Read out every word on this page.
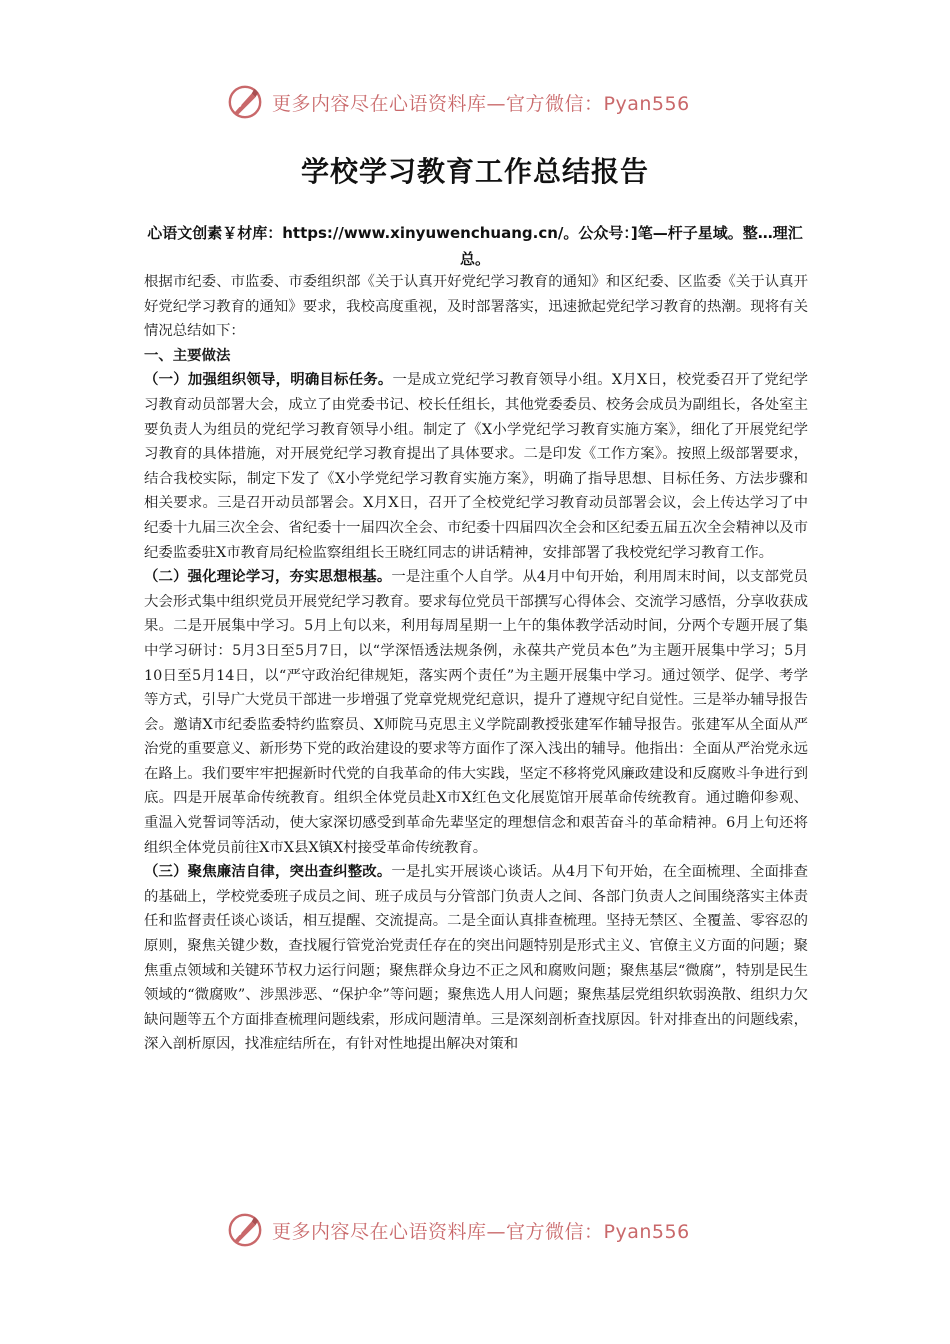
更多内容尽在心语资料库—官方微信：Pyan556
学校学习教育工作总结报告
心语文创素￥材库：https://www.xinyuwenchuang.cn/。公众号：]笔—杆子星域。整…理汇总。

根据市纪委、市监委、市委组织部《关于认真开好党纪学习教育的通知》和区纪委、区监委《关于认真开好党纪学习教育的通知》要求，我校高度重视，及时部署落实，迅速掀起党纪学习教育的热潮。现将有关情况总结如下：

一、主要做法

（一）加强组织领导，明确目标任务。一是成立党纪学习教育领导小组。X月X日，校党委召开了党纪学习教育动员部署大会，成立了由党委书记、校长任组长，其他党委委员、校务会成员为副组长，各处室主要负责人为组员的党纪学习教育领导小组。制定了《X小学党纪学习教育实施方案》，细化了开展党纪学习教育的具体措施，对开展党纪学习教育提出了具体要求。二是印发《工作方案》。按照上级部署要求，结合我校实际，制定下发了《X小学党纪学习教育实施方案》，明确了指导思想、目标任务、方法步骤和相关要求。三是召开动员部署会。X月X日，召开了全校党纪学习教育动员部署会议，会上传达学习了中纪委十九届三次全会、省纪委十一届四次全会、市纪委十四届四次全会和区纪委五届五次全会精神以及市纪委监委驻X市教育局纪检监察组组长王晓红同志的讲话精神，安排部署了我校党纪学习教育工作。

（二）强化理论学习，夯实思想根基。一是注重个人自学。从4月中旬开始，利用周末时间，以支部党员大会形式集中组织党员开展党纪学习教育。要求每位党员干部撰写心得体会、交流学习感悟，分享收获成果。二是开展集中学习。5月上旬以来，利用每周星期一上午的集体教学活动时间，分两个专题开展了集中学习研讨：5月3日至5月7日，以“学深悟透法规条例，永葆共产党员本色”为主题开展集中学习；5月10日至5月14日，以“严守政治纪律规矩，落实两个责任”为主题开展集中学习。通过领学、促学、考学等方式，引导广大党员干部进一步增强了党章党规党纪意识，提升了遵规守纪自觉性。三是举办辅导报告会。邀请X市纪委监委特约监察员、X师院马克思主义学院副教授张建军作辅导报告。张建军从全面从严治党的重要意义、新形势下党的政治建设的要求等方面作了深入浅出的辅导。他指出：全面从严治党永远在路上。我们要牢牢把握新时代党的自我革命的伟大实践，坚定不移将党风廉政建设和反腐败斗争进行到底。四是开展革命传统教育。组织全体党员赴X市X红色文化展览馆开展革命传统教育。通过瞻仰参观、重温入党誓词等活动，使大家深切感受到革命先辈坚定的理想信念和艰苦奋斗的革命精神。6月上旬还将组织全体党员前往X市X县X镇X村接受革命传统教育。

（三）聚焦廉洁自律，突出查纠整改。一是扎实开展谈心谈话。从4月下旬开始，在全面梳理、全面排查的基础上，学校党委班子成员之间、班子成员与分管部门负责人之间、各部门负责人之间围绕落实主体责任和监督责任谈心谈话，相互提醒、交流提高。二是全面认真排查梳理。坚持无禁区、全覆盖、零容忍的原则，聚焦关键少数，查找履行管党治党责任存在的突出问题特别是形式主义、官僚主义方面的问题；聚焦重点领域和关键环节权力运行问题；聚焦群众身边不正之风和腐败问题；聚焦基层“微腐”，特别是民生领域的“微腐败”、涉黑涉恶、“保护伞”等问题；聚焦选人用人问题；聚焦基层党组织软弱涣散、组织力欠缺问题等五个方面排查梳理问题线索，形成问题清单。三是深刻剖析查找原因。针对排查出的问题线索，深入剖析原因，找准症结所在，有针对性地提出解决对策和

更多内容尽在心语资料库—官方微信：Pyan556
